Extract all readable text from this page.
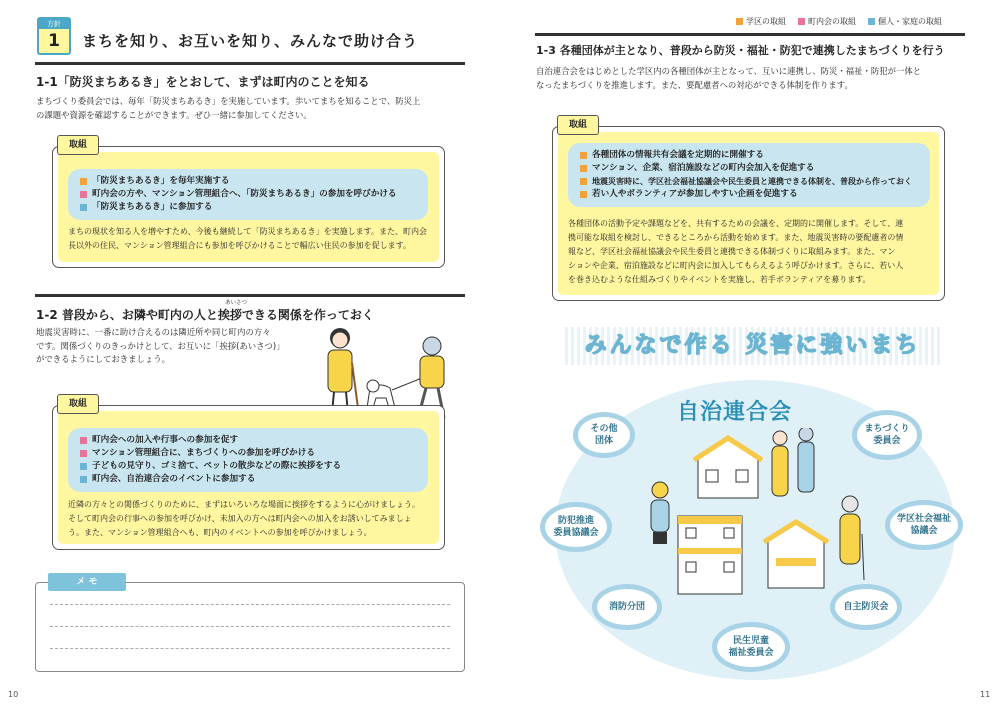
方針
1	まちを知り、お互いを知り、みんなで助け合う
1-1「防災まちあるき」をとおして、まずは町内のことを知る
まちづくり委員会では、毎年「防災まちあるき」を実施しています。歩いてまちを知ることで、防災上
の課題や資源を確認することができます。ぜひ一緒に参加してください。
取組
「防災まちあるき」を毎年実施する
町内会の方や、マンション管理組合へ、「防災まちあるき」の参加を呼びかける
「防災まちあるき」に参加する
まちの現状を知る人を増やすため、今後も継続して「防災まちあるき」を実施します。また、町内会
長以外の住民、マンション管理組合にも参加を呼びかけることで幅広い住民の参加を促します。
あいさつ
1-2 普段から、お隣や町内の人と挨拶できる関係を作っておく
地震災害時に、一番に助け合えるのは隣近所や同じ町内の方々
です。関係づくりのきっかけとして、お互いに「挨拶(あいさつ)」
ができるようにしておきましょう。
取組
町内会への加入や行事への参加を促す
マンション管理組合に、まちづくりへの参加を呼びかける
子どもの見守り、ゴミ捨て、ペットの散歩などの際に挨拶をする
町内会、自治連合会のイベントに参加する
近隣の方々との関係づくりのために、まずはいろいろな場面に挨拶をするように心がけましょう。
そして町内会の行事への参加を呼びかけ、未加入の方へは町内会への加入をお誘いしてみましょ
う。また、マンション管理組合へも、町内のイベントへの参加を呼びかけましょう。
メ モ
10
学区の取組	町内会の取組	個人・家庭の取組
1-3 各種団体が主となり、普段から防災・福祉・防犯で連携したまちづくりを行う
自治連合会をはじめとした学区内の各種団体が主となって、互いに連携し、防災・福祉・防犯が一体と
なったまちづくりを推進します。また、要配慮者への対応ができる体制を作ります。
取組
各種団体の情報共有会議を定期的に開催する
マンション、企業、宿泊施設などの町内会加入を促進する
地震災害時に、学区社会福祉協議会や民生委員と連携できる体制を、普段から作っておく
若い人やボランティアが参加しやすい企画を促進する
各種団体の活動予定や課題などを、共有するための会議を、定期的に開催します。そして、連
携可能な取組を検討し、できるところから活動を始めます。また、地震災害時の要配慮者の情
報など、学区社会福祉協議会や民生委員と連携できる体制づくりに取組みます。また、マン
ションや企業、宿泊施設などに町内会に加入してもらえるよう呼びかけます。さらに、若い人
を巻き込むような仕組みづくりやイベントを実施し、若手ボランティアを募ります。
みんなで作る 災害に強いまち
自治連合会
その他
団体
まちづくり
委員会
防犯推進
委員協議会
学区社会福祉
協議会
消防分団	自主防災会
民生児童
福祉委員会
11
